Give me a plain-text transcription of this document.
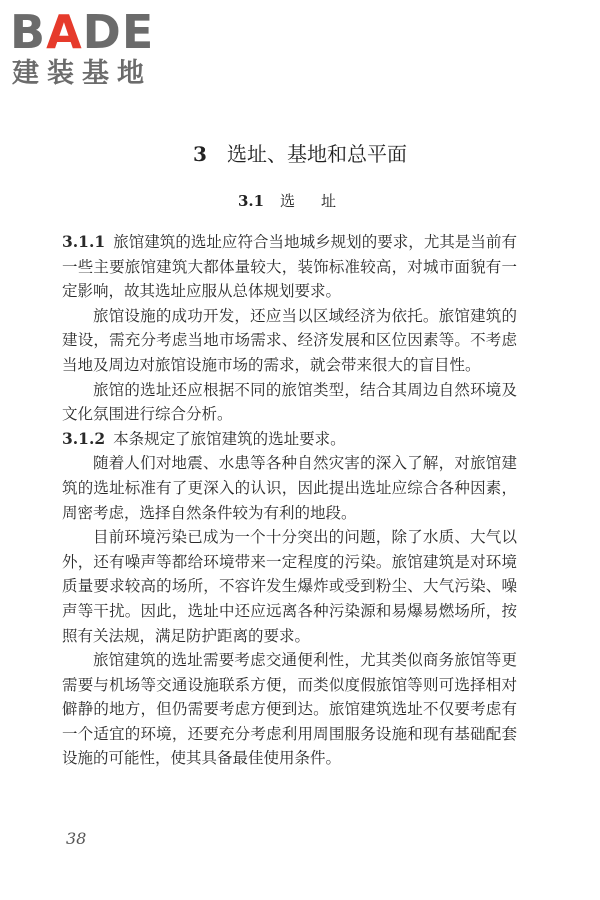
BADE
建装基地
3 选址、基地和总平面
3.1 选址

3.1.1 旅馆建筑的选址应符合当地城乡规划的要求，尤其是当前有一些主要旅馆建筑大都体量较大，装饰标准较高，对城市面貌有一定影响，故其选址应服从总体规划要求。

旅馆设施的成功开发，还应当以区域经济为依托。旅馆建筑的建设，需充分考虑当地市场需求、经济发展和区位因素等。不考虑当地及周边对旅馆设施市场的需求，就会带来很大的盲目性。

旅馆的选址还应根据不同的旅馆类型，结合其周边自然环境及文化氛围进行综合分析。

3.1.2 本条规定了旅馆建筑的选址要求。

随着人们对地震、水患等各种自然灾害的深入了解，对旅馆建筑的选址标准有了更深入的认识，因此提出选址应综合各种因素，周密考虑，选择自然条件较为有利的地段。

目前环境污染已成为一个十分突出的问题，除了水质、大气以外，还有噪声等都给环境带来一定程度的污染。旅馆建筑是对环境质量要求较高的场所，不容许发生爆炸或受到粉尘、大气污染、噪声等干扰。因此，选址中还应远离各种污染源和易爆易燃场所，按照有关法规，满足防护距离的要求。

旅馆建筑的选址需要考虑交通便利性，尤其类似商务旅馆等更需要与机场等交通设施联系方便，而类似度假旅馆等则可选择相对僻静的地方，但仍需要考虑方便到达。旅馆建筑选址不仅要考虑有一个适宜的环境，还要充分考虑利用周围服务设施和现有基础配套设施的可能性，使其具备最佳使用条件。

38
